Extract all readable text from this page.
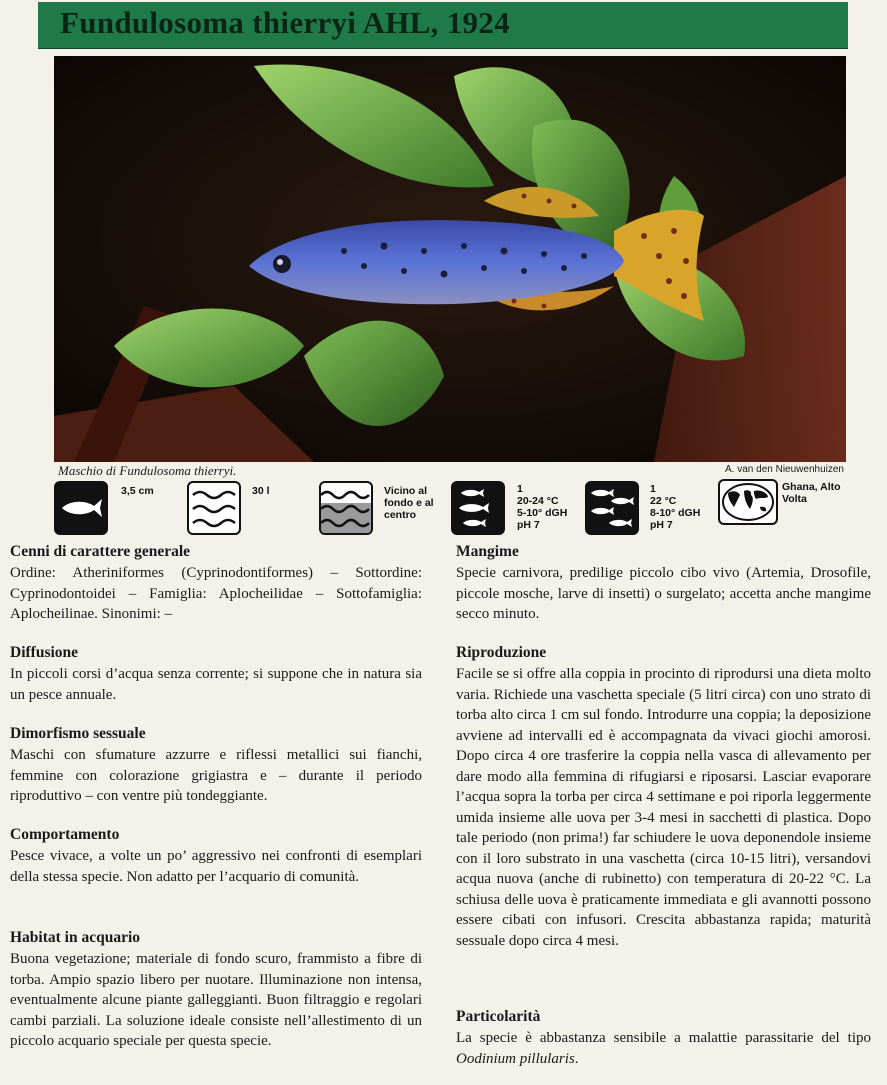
Fundulosoma thierryi AHL, 1924
Maschio di Fundulosoma thierryi.	A. van den Nieuwenhuizen
3,5 cm	30 l	Vicino al
fondo e al
centro
1
20-24 °C
5-10° dGH
pH 7
1
22 °C
8-10° dGH
pH 7
Ghana, Alto
Volta
Cenni di carattere generale

Ordine: Atheriniformes (Cyprinodontiformes) – Sottordine: Cyprinodontoidei – Famiglia: Aplocheilidae – Sottofamiglia: Aplocheilinae. Sinonimi: –

Diffusione

In piccoli corsi d’acqua senza corrente; si suppone che in natura sia un pesce annuale.

Dimorfismo sessuale

Maschi con sfumature azzurre e riflessi metallici sui fianchi, femmine con colorazione grigiastra e – durante il periodo riproduttivo – con ventre più tondeggiante.

Comportamento

Pesce vivace, a volte un po’ aggressivo nei confronti di esemplari della stessa specie. Non adatto per l’acquario di comunità.

Habitat in acquario

Buona vegetazione; materiale di fondo scuro, frammisto a fibre di torba. Ampio spazio libero per nuotare. Illuminazione non intensa, eventualmente alcune piante galleggianti. Buon filtraggio e regolari cambi parziali. La soluzione ideale consiste nell’allestimento di un piccolo acquario speciale per questa specie.

Mangime

Specie carnivora, predilige piccolo cibo vivo (Artemia, Drosofile, piccole mosche, larve di insetti) o surgelato; accetta anche mangime secco minuto.

Riproduzione

Facile se si offre alla coppia in procinto di riprodursi una dieta molto varia. Richiede una vaschetta speciale (5 litri circa) con uno strato di torba alto circa 1 cm sul fondo. Introdurre una coppia; la deposizione avviene ad intervalli ed è accompagnata da vivaci giochi amorosi. Dopo circa 4 ore trasferire la coppia nella vasca di allevamento per dare modo alla femmina di rifugiarsi e riposarsi. Lasciar evaporare l’acqua sopra la torba per circa 4 settimane e poi riporla leggermente umida insieme alle uova per 3-4 mesi in sacchetti di plastica. Dopo tale periodo (non prima!) far schiudere le uova deponendole insieme con il loro substrato in una vaschetta (circa 10-15 litri), versandovi acqua nuova (anche di rubinetto) con temperatura di 20-22 °C. La schiusa delle uova è praticamente immediata e gli avannotti possono essere cibati con infusori. Crescita abbastanza rapida; maturità sessuale dopo circa 4 mesi.

Particolarità

La specie è abbastanza sensibile a malattie parassitarie del tipo Oodinium pillularis.
